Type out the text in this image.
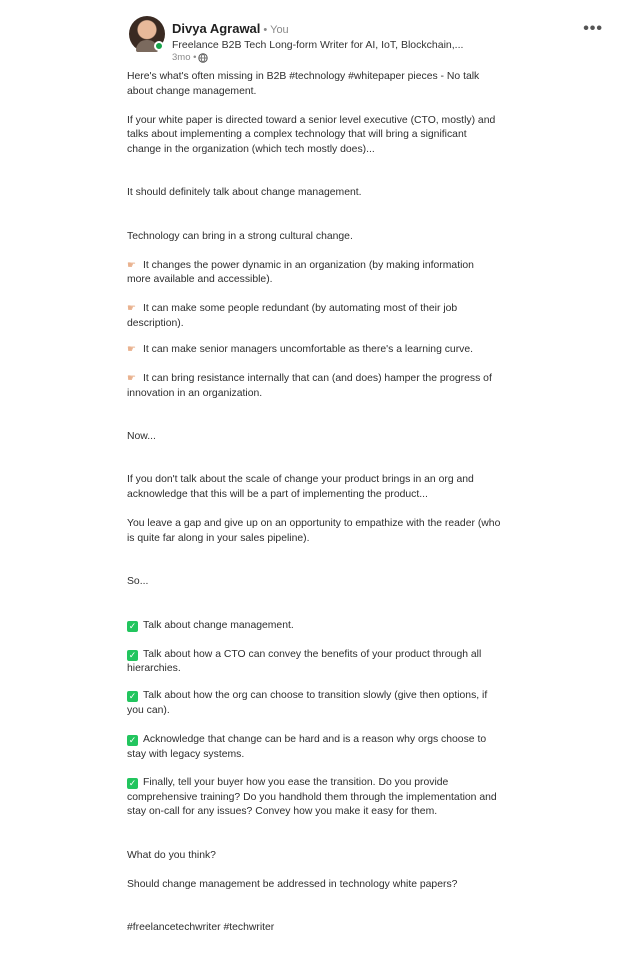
Divya Agrawal • You
Freelance B2B Tech Long-form Writer for AI, IoT, Blockchain,...
3mo •
•••
Here's what's often missing in B2B #technology #whitepaper pieces - No talk
about change management.
If your white paper is directed toward a senior level executive (CTO, mostly) and
talks about implementing a complex technology that will bring a significant
change in the organization (which tech mostly does)...
It should definitely talk about change management.
Technology can bring in a strong cultural change.
☛ It changes the power dynamic in an organization (by making information
more available and accessible).
☛ It can make some people redundant (by automating most of their job
description).
☛ It can make senior managers uncomfortable as there's a learning curve.
☛ It can bring resistance internally that can (and does) hamper the progress of
innovation in an organization.
Now...
If you don't talk about the scale of change your product brings in an org and
acknowledge that this will be a part of implementing the product...
You leave a gap and give up on an opportunity to empathize with the reader (who
is quite far along in your sales pipeline).
So...
✓ Talk about change management.
✓ Talk about how a CTO can convey the benefits of your product through all
hierarchies.
✓ Talk about how the org can choose to transition slowly (give then options, if
you can).
✓ Acknowledge that change can be hard and is a reason why orgs choose to
stay with legacy systems.
✓ Finally, tell your buyer how you ease the transition. Do you provide
comprehensive training? Do you handhold them through the implementation and
stay on-call for any issues? Convey how you make it easy for them.
What do you think?
Should change management be addressed in technology white papers?
#freelancetechwriter #techwriter
